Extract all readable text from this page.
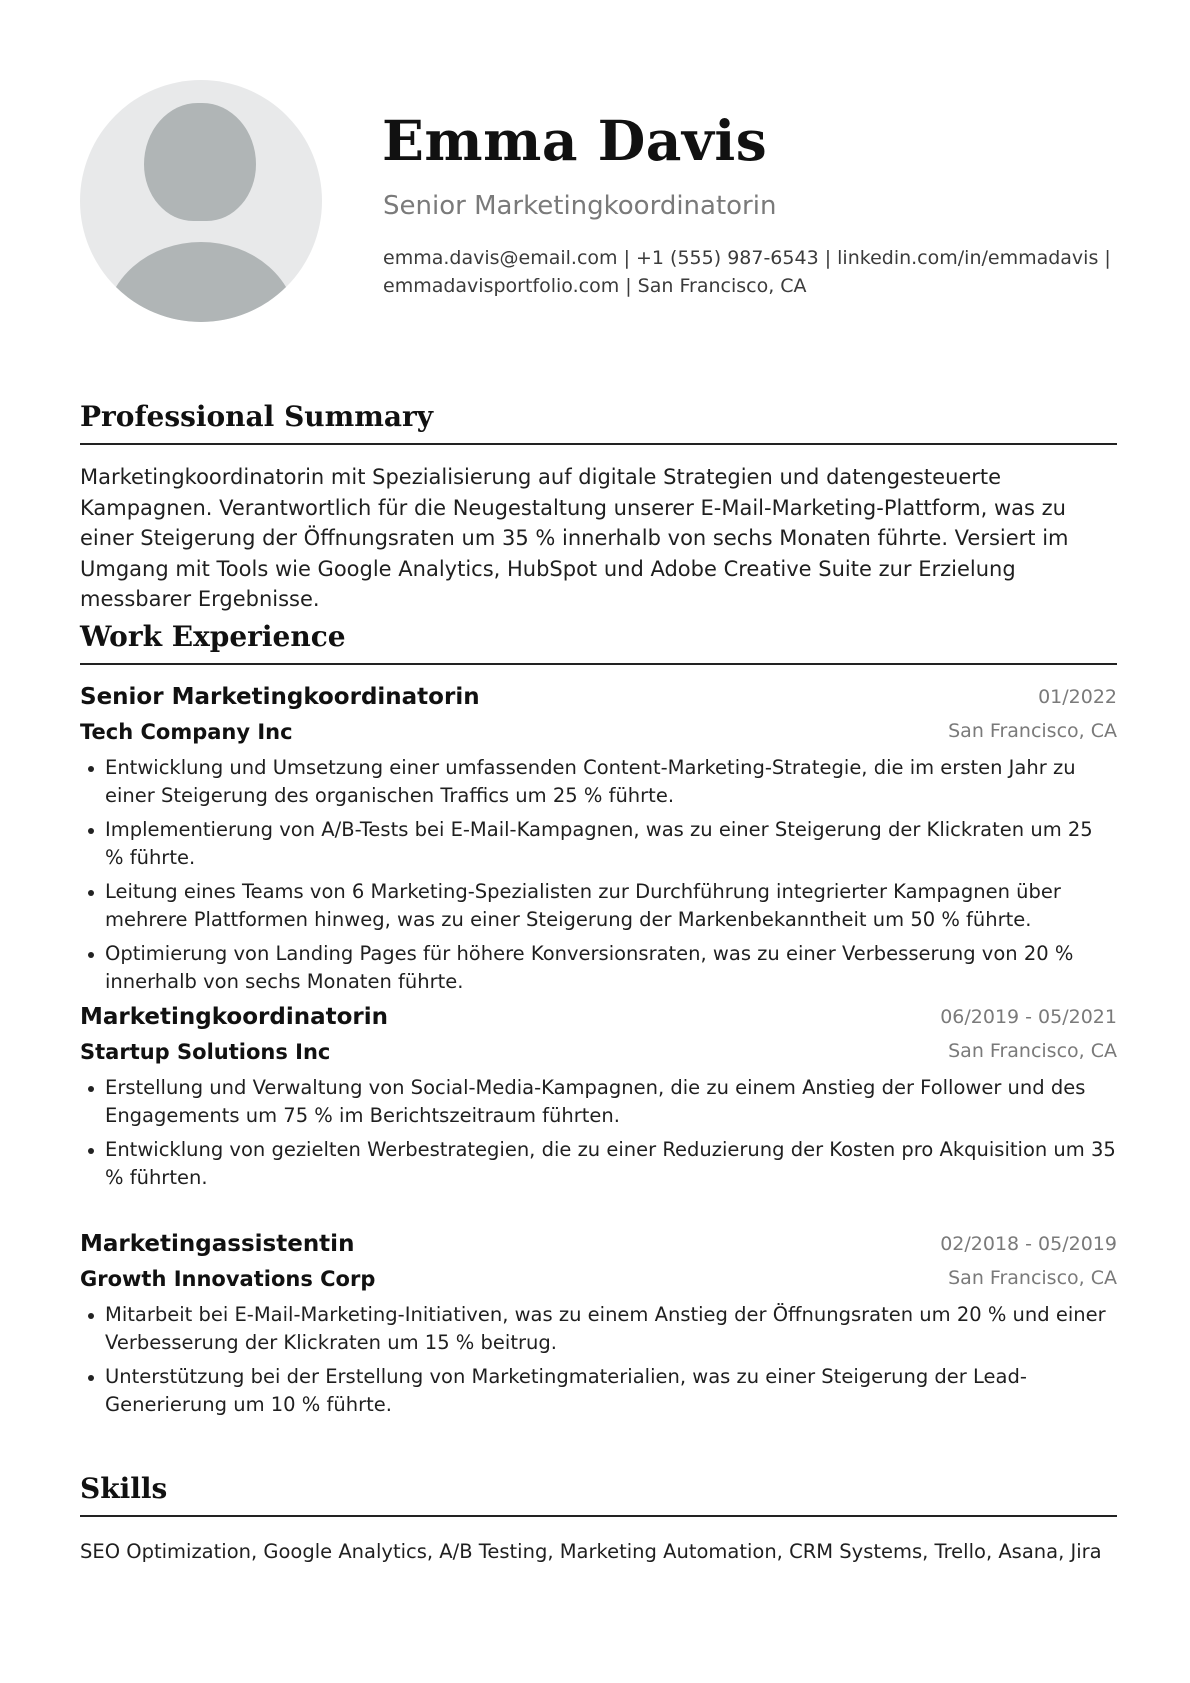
Emma Davis
Senior Marketingkoordinatorin
emma.davis@email.com | +1 (555) 987-6543 | linkedin.com/in/emmadavis |
emmadavisportfolio.com | San Francisco, CA
Professional Summary
Marketingkoordinatorin mit Spezialisierung auf digitale Strategien und datengesteuerte Kampagnen. Verantwortlich für die Neugestaltung unserer E-Mail-Marketing-Plattform, was zu einer Steigerung der Öffnungsraten um 35 % innerhalb von sechs Monaten führte. Versiert im Umgang mit Tools wie Google Analytics, HubSpot und Adobe Creative Suite zur Erzielung messbarer Ergebnisse.
Work Experience
Senior Marketingkoordinatorin	01/2022
Tech Company Inc	San Francisco, CA
Entwicklung und Umsetzung einer umfassenden Content-Marketing-Strategie, die im ersten Jahr zu einer Steigerung des organischen Traffics um 25 % führte.
Implementierung von A/B-Tests bei E-Mail-Kampagnen, was zu einer Steigerung der Klickraten um 25 % führte.
Leitung eines Teams von 6 Marketing-Spezialisten zur Durchführung integrierter Kampagnen über mehrere Plattformen hinweg, was zu einer Steigerung der Markenbekanntheit um 50 % führte.
Optimierung von Landing Pages für höhere Konversionsraten, was zu einer Verbesserung von 20 % innerhalb von sechs Monaten führte.
Marketingkoordinatorin	06/2019 - 05/2021
Startup Solutions Inc	San Francisco, CA
Erstellung und Verwaltung von Social-Media-Kampagnen, die zu einem Anstieg der Follower und des Engagements um 75 % im Berichtszeitraum führten.
Entwicklung von gezielten Werbestrategien, die zu einer Reduzierung der Kosten pro Akquisition um 35 % führten.
Marketingassistentin	02/2018 - 05/2019
Growth Innovations Corp	San Francisco, CA
Mitarbeit bei E-Mail-Marketing-Initiativen, was zu einem Anstieg der Öffnungsraten um 20 % und einer Verbesserung der Klickraten um 15 % beitrug.
Unterstützung bei der Erstellung von Marketingmaterialien, was zu einer Steigerung der Lead-Generierung um 10 % führte.
Skills
SEO Optimization, Google Analytics, A/B Testing, Marketing Automation, CRM Systems, Trello, Asana, Jira
